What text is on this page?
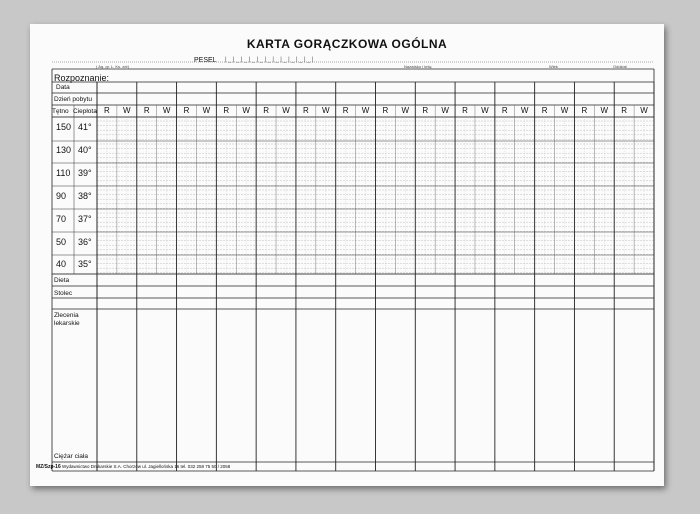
KARTA GORĄCZKOWA OGÓLNA
( Ag. gr. L. Ks. zdr)
PESEL |_|_|_|_|_|_|_|_|_|_|_|
Nazwisko i imię	Wiek	Oddział
Rozpoznanie:
Data
Dzień pobytu
Tętno Ciepłota
150 41°
130 40°
110 39°
90 38°
70 37°
50 36°
40 35°
R	W	R	W	R	W	R	W	R	W	R	W	R	W	R	W	R	W	R	W	R	W	R	W	R	W	R	W
Dieta
Stolec
Zlecenia lekarskie
Ciężar ciała
MZ/Szp-16 Wydawnictwo Drukarskie S.A. Chorzów ul. Jagiellońska 16 tel. 032 258 75 50 / 2058
